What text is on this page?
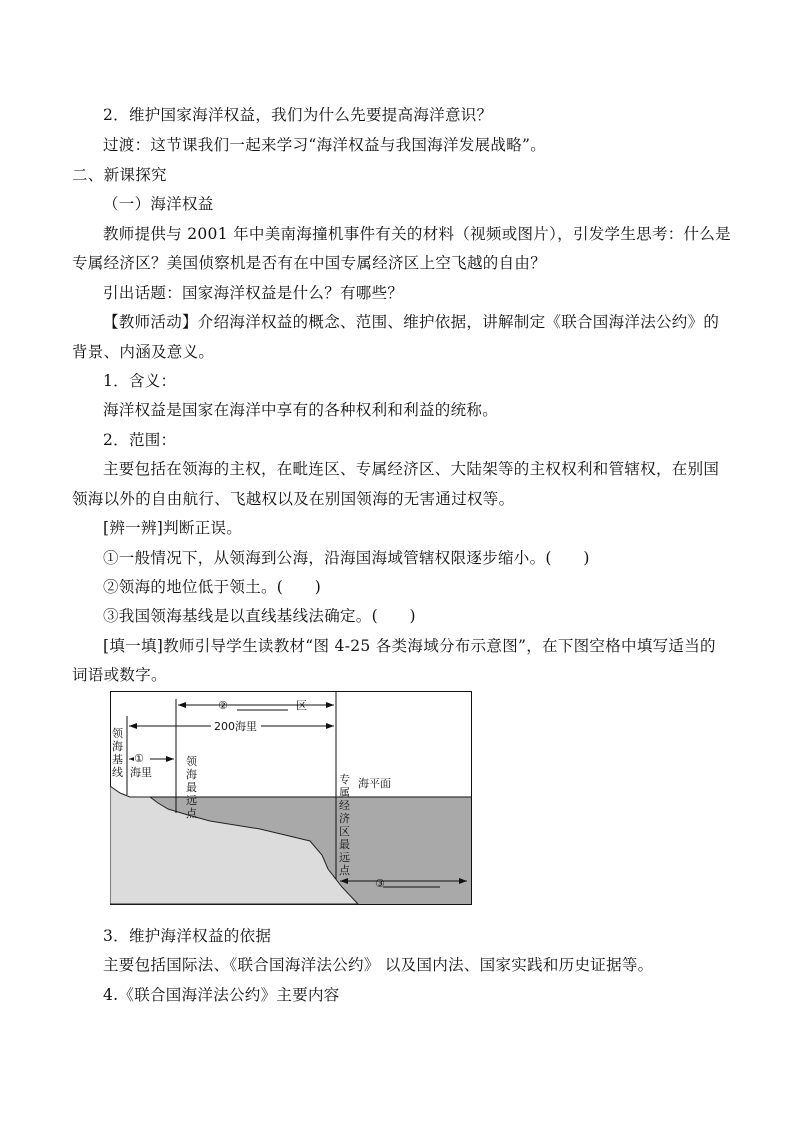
2．维护国家海洋权益，我们为什么先要提高海洋意识？
过渡：这节课我们一起来学习“海洋权益与我国海洋发展战略”。
二、新课探究
（一）海洋权益
教师提供与 2001 年中美南海撞机事件有关的材料（视频或图片），引发学生思考：什么是
专属经济区？美国侦察机是否有在中国专属经济区上空飞越的自由？
引出话题：国家海洋权益是什么？有哪些？
【教师活动】介绍海洋权益的概念、范围、维护依据，讲解制定《联合国海洋法公约》的
背景、内涵及意义。
1．含义：
海洋权益是国家在海洋中享有的各种权利和利益的统称。
2．范围：
主要包括在领海的主权，在毗连区、专属经济区、大陆架等的主权权利和管辖权，在别国
领海以外的自由航行、飞越权以及在别国领海的无害通过权等。
[辨一辨]判断正误。
①一般情况下，从领海到公海，沿海国海域管辖权限逐步缩小。(　　)
②领海的地位低于领土。(　　)
③我国领海基线是以直线基线法确定。(　　)
[填一填]教师引导学生读教材“图 4-25 各类海域分布示意图”，在下图空格中填写适当的
词语或数字。
②	区
200海里
①
海里
海平面
③
领海基线
领海最远点
专属经济区最远点
3．维护海洋权益的依据
主要包括国际法、《联合国海洋法公约》 以及国内法、国家实践和历史证据等。
4.《联合国海洋法公约》主要内容
